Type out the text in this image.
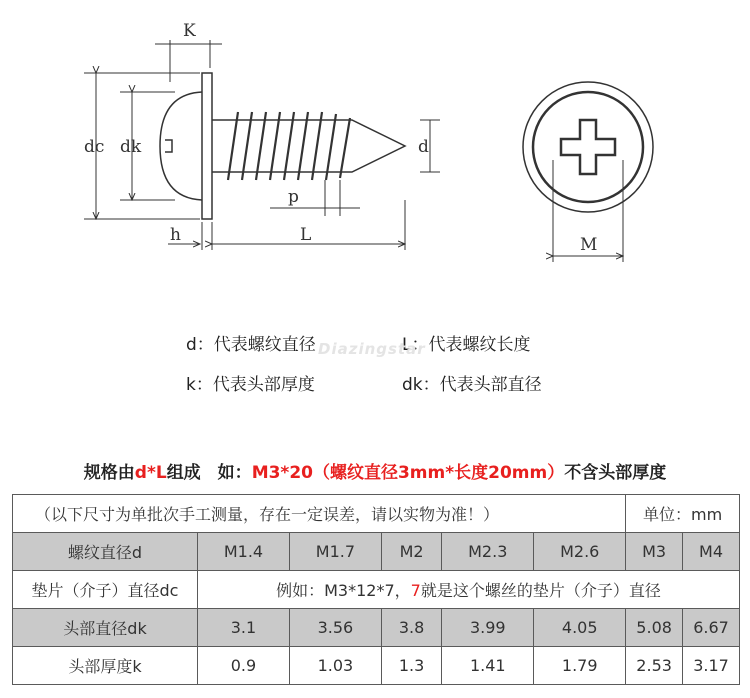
K
dc dk	d
p
h	L	M
d：代表螺纹直径	L：代表螺纹长度
k：代表头部厚度	dk：代表头部直径
Diazingstar
规格由d*L组成　如：M3*20（螺纹直径3mm*长度20mm）不含头部厚度
（以下尺寸为单批次手工测量，存在一定误差，请以实物为准！）						单位：mm	
螺纹直径d	M1.4	M1.7	M2	M2.3	M2.6	M3	M4
垫片（介子）直径dc	例如：M3*12*7，7就是这个螺丝的垫片（介子）直径						
头部直径dk	3.1	3.56	3.8	3.99	4.05	5.08	6.67
头部厚度k	0.9	1.03	1.3	1.41	1.79	2.53	3.17
